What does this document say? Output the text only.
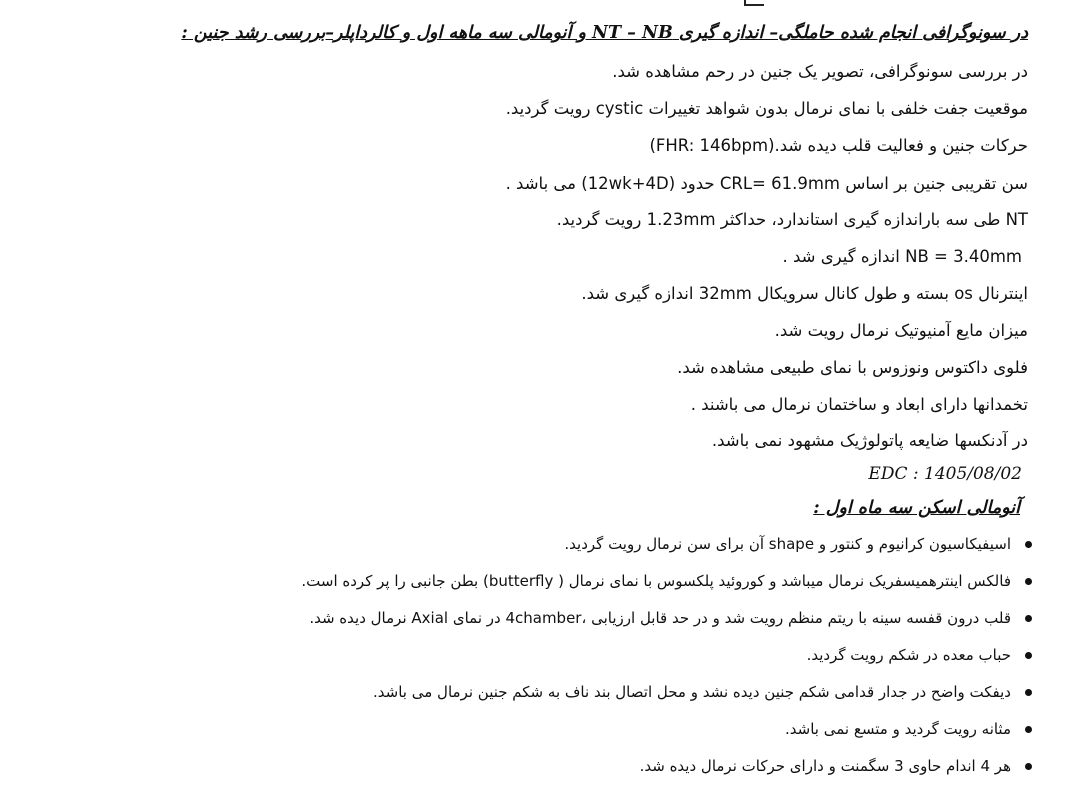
در سونوگرافی انجام شده حاملگی– اندازه گیری NT – NB و آنومالی سه ماهه اول و کالرداپلر–بررسی رشد جنین :
در بررسی سونوگرافی، تصویر یک جنین در رحم مشاهده شد.
موقعیت جفت خلفی با نمای نرمال بدون شواهد تغییرات cystic رویت گردید.
حرکات جنین و فعالیت قلب دیده شد.(FHR: 146bpm)
سن تقریبی جنین بر اساس CRL= 61.9mm حدود (12wk+4D) می باشد .
NT طی سه باراندازه گیری استاندارد، حداکثر 1.23mm رویت گردید.
NB = 3.40mm اندازه گیری شد .
اینترنال os بسته و طول کانال سرویکال 32mm اندازه گیری شد.
میزان مایع آمنیوتیک نرمال رویت شد.
فلوی داکتوس ونوزوس با نمای طبیعی مشاهده شد.
تخمدانها دارای ابعاد و ساختمان نرمال می باشند .
در آدنکسها ضایعه پاتولوژیک مشهود نمی باشد.
EDC : 1405/08/02
آنومالی اسکن سه ماه اول :
اسیفیکاسیون کرانیوم و کنتور و shape آن برای سن نرمال رویت گردید.
فالکس اینترهمیسفریک نرمال میباشد و کوروئید پلکسوس با نمای نرمال ( butterfly) بطن جانبی را پر کرده است.
قلب درون قفسه سینه با ریتم منظم رویت شد و در حد قابل ارزیابی ،4chamber در نمای Axial نرمال دیده شد.
حباب معده در شکم رویت گردید.
دیفکت واضح در جدار قدامی شکم جنین دیده نشد و محل اتصال بند ناف به شکم جنین نرمال می باشد.
مثانه رویت گردید و متسع نمی باشد.
هر 4 اندام حاوی 3 سگمنت و دارای حرکات نرمال دیده شد.
